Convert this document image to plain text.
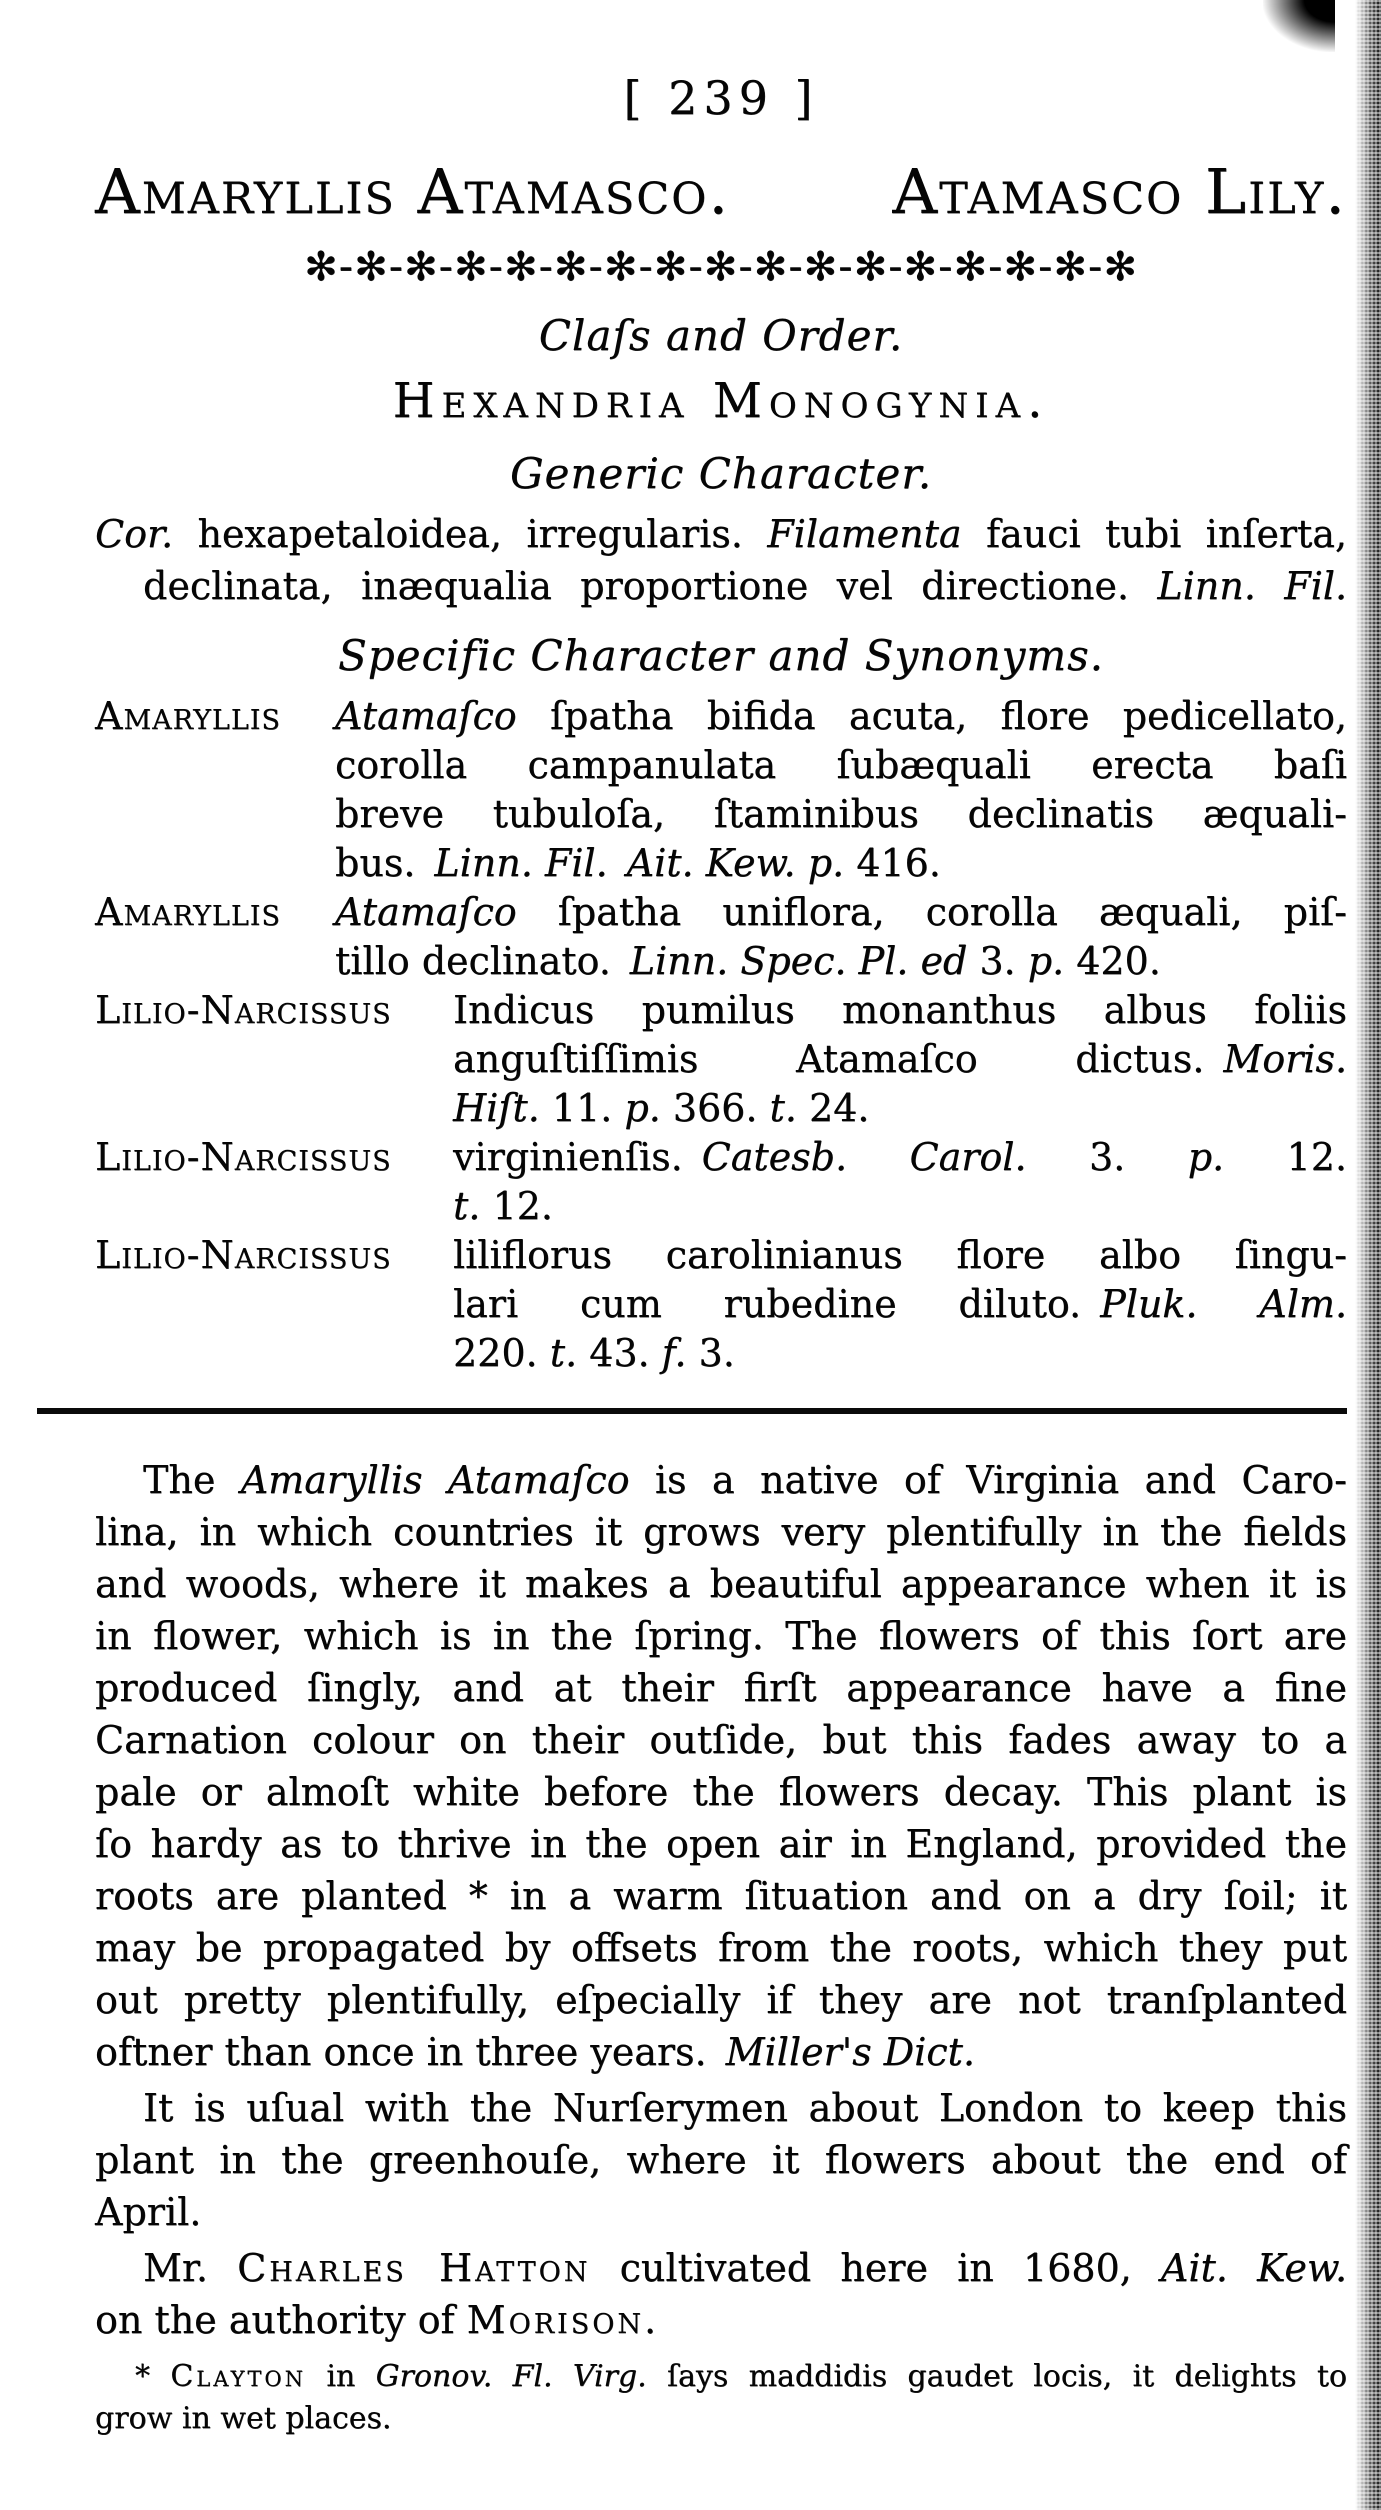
[ 239 ]
Amaryllis Atamasco.	Atamasco Lily.
✻-✻-✻-✻-✻-✻-✻-✻-✻-✻-✻-✻-✻-✻-✻-✻-✻
Claſs and Order.
Hexandria Monogynia.
Generic Character.
Cor. hexapetaloidea, irregularis. Filamenta fauci tubi inſerta,
declinata, inæqualia proportione vel directione. Linn. Fil.
Specific Character and Synonyms.
Amaryllis Atamaſco ſpatha bifida acuta, flore pedicellato,
corolla campanulata ſubæquali erecta baſi
breve tubuloſa, ſtaminibus declinatis æquali-
bus. Linn. Fil. Ait. Kew. p. 416.
Amaryllis Atamaſco ſpatha uniflora, corolla æquali, piſ-
tillo declinato. Linn. Spec. Pl. ed 3. p. 420.
Lilio-Narcissus Indicus pumilus monanthus albus foliis
anguſtiſſimis Atamaſco dictus. Moris.
Hiſt. 11. p. 366. t. 24.
Lilio-Narcissus virginienſis. Catesb. Carol. 3. p. 12.
t. 12.
Lilio-Narcissus liliflorus carolinianus flore albo ſingu-
lari cum rubedine diluto. Pluk. Alm.
220. t. 43. f. 3.
The Amaryllis Atamaſco is a native of Virginia and Caro-
lina, in which countries it grows very plentifully in the fields
and woods, where it makes a beautiful appearance when it is
in flower, which is in the ſpring. The flowers of this ſort are
produced ſingly, and at their firſt appearance have a fine
Carnation colour on their outſide, but this fades away to a
pale or almoſt white before the flowers decay. This plant is
ſo hardy as to thrive in the open air in England, provided the
roots are planted * in a warm ſituation and on a dry ſoil; it
may be propagated by offsets from the roots, which they put
out pretty plentifully, eſpecially if they are not tranſplanted
oftner than once in three years. Miller's Dict.
It is uſual with the Nurſerymen about London to keep this
plant in the greenhouſe, where it flowers about the end of
April.
Mr. Charles Hatton cultivated here in 1680, Ait. Kew.
on the authority of Morison.
* Clayton in Gronov. Fl. Virg. ſays maddidis gaudet locis, it delights to
grow in wet places.
